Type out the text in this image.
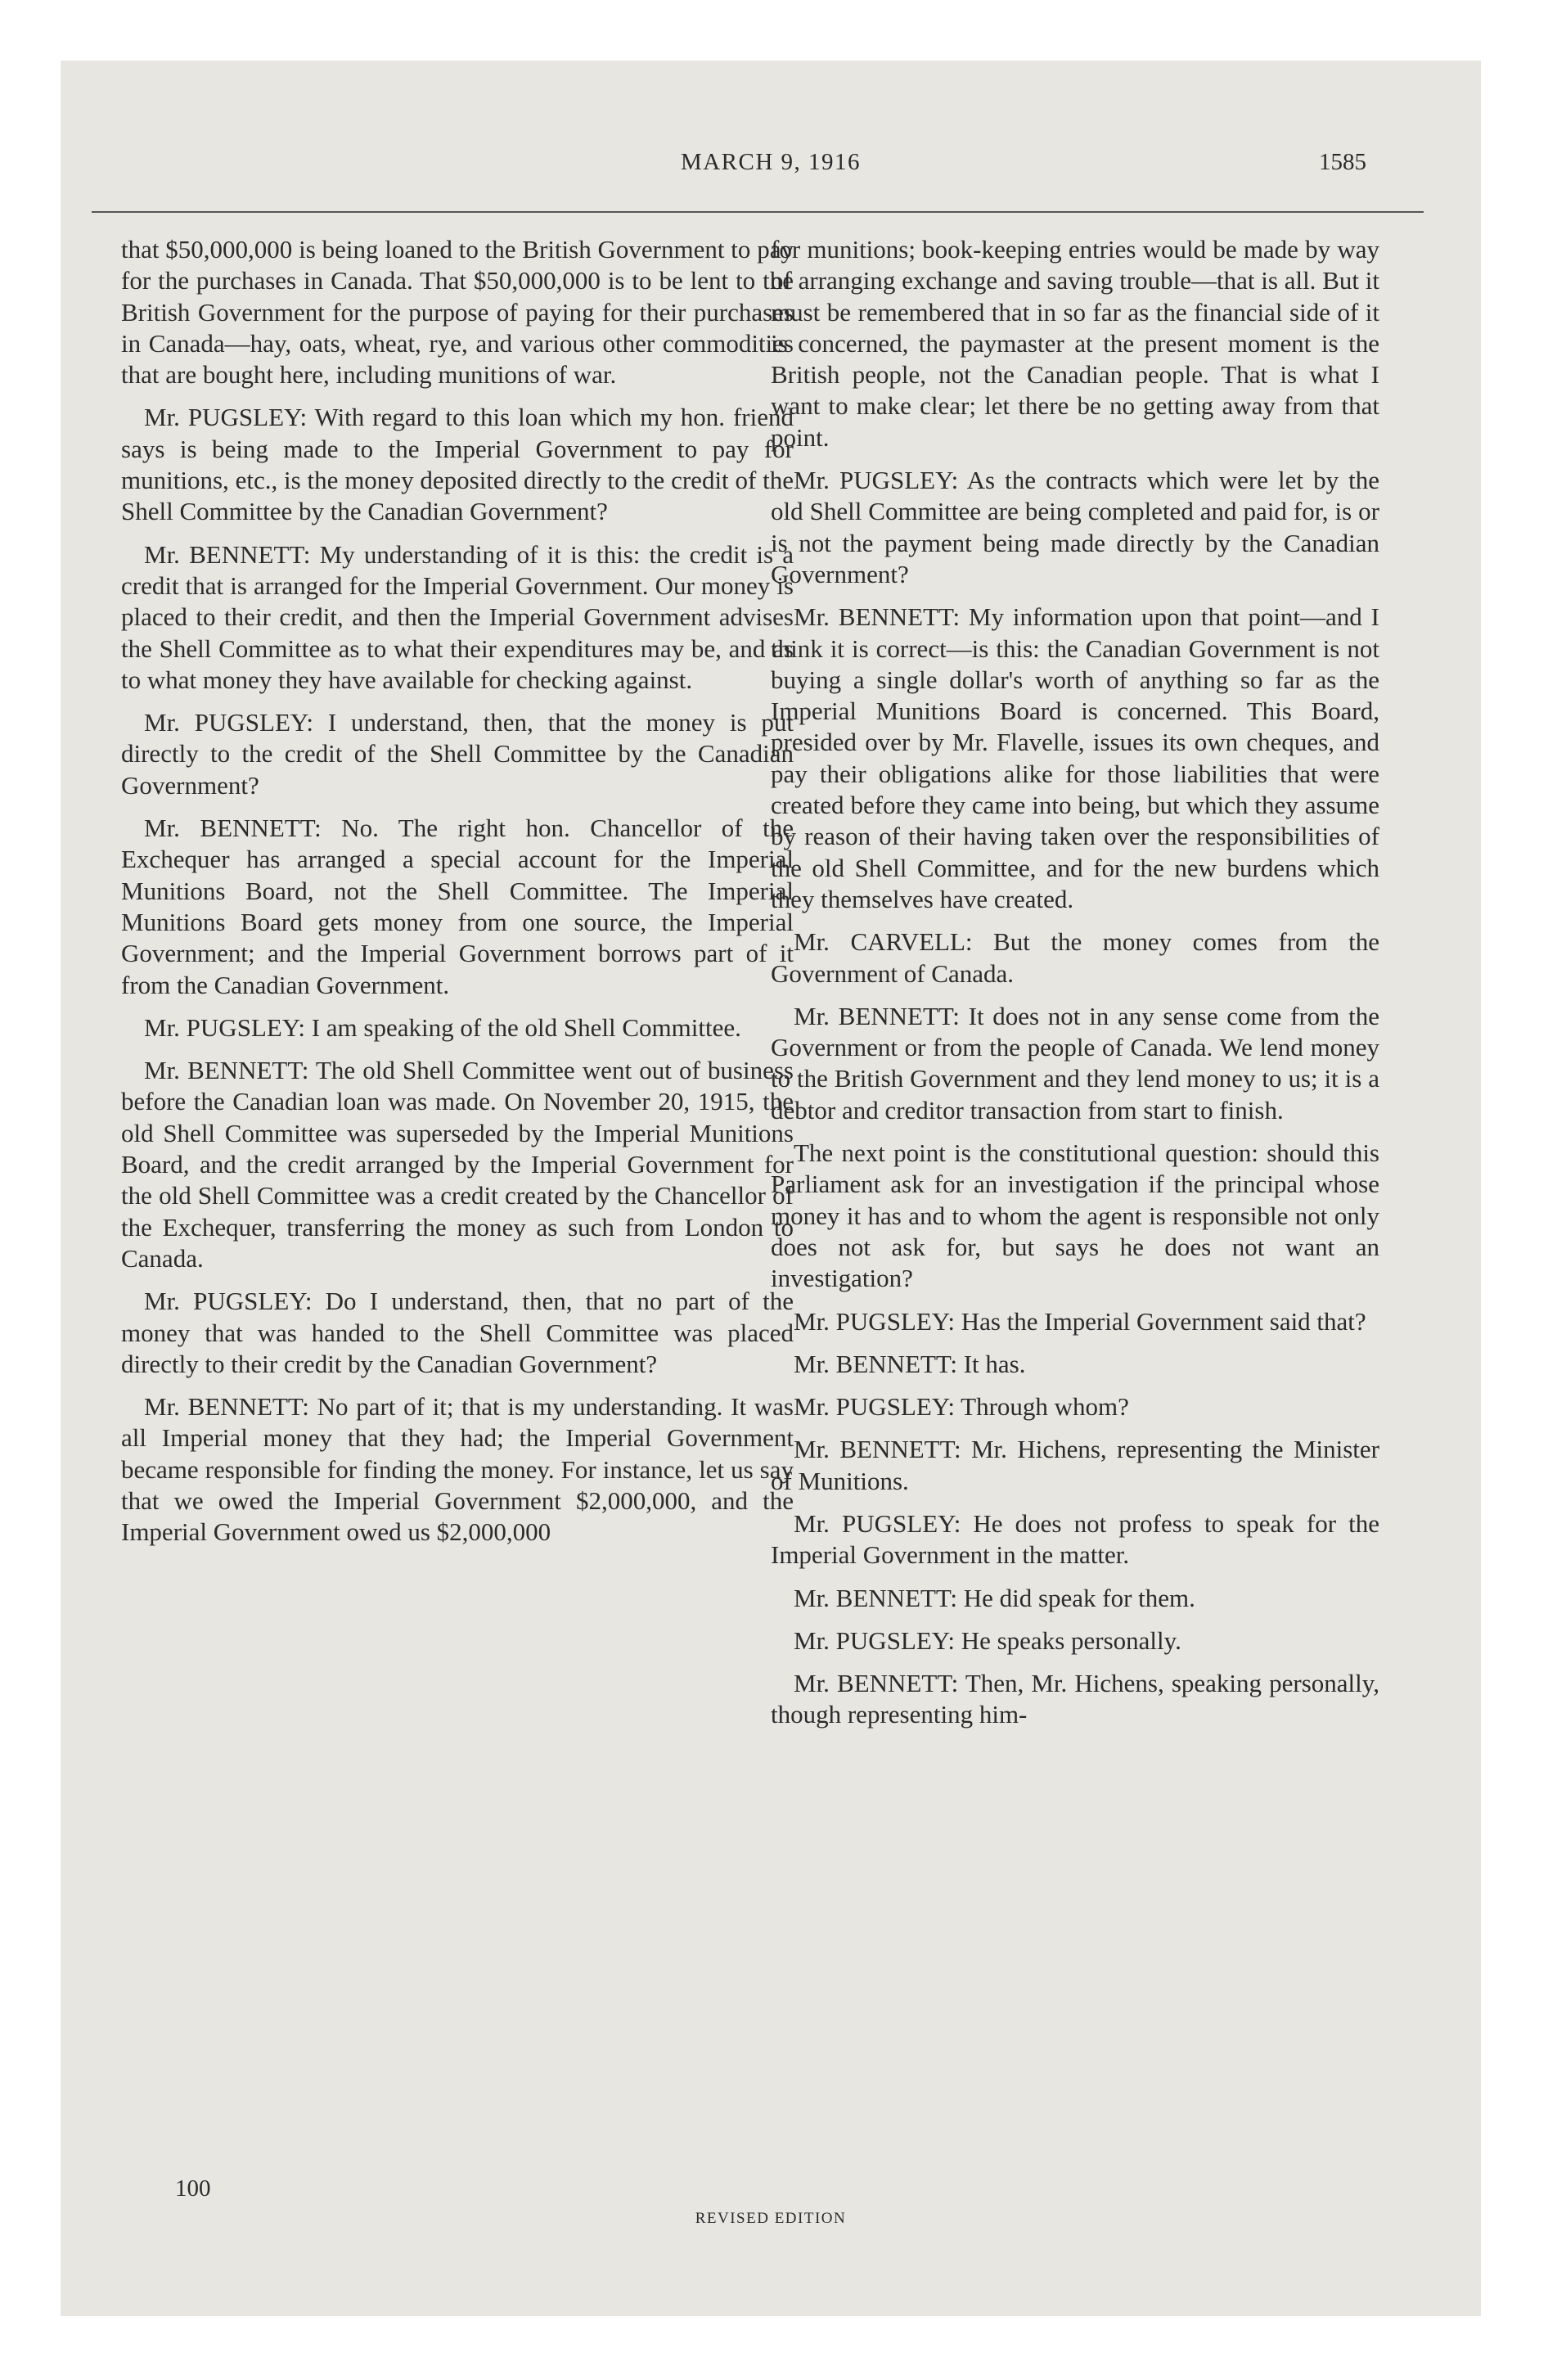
MARCH 9, 1916	1585

that $50,000,000 is being loaned to the British Government to pay for the purchases in Canada. That $50,000,000 is to be lent to the British Government for the purpose of paying for their purchases in Canada—hay, oats, wheat, rye, and various other commodities that are bought here, including munitions of war.

Mr. PUGSLEY: With regard to this loan which my hon. friend says is being made to the Imperial Government to pay for munitions, etc., is the money deposited directly to the credit of the Shell Committee by the Canadian Government?

Mr. BENNETT: My understanding of it is this: the credit is a credit that is arranged for the Imperial Government. Our money is placed to their credit, and then the Imperial Government advises the Shell Committee as to what their expenditures may be, and as to what money they have available for checking against.

Mr. PUGSLEY: I understand, then, that the money is put directly to the credit of the Shell Committee by the Canadian Government?

Mr. BENNETT: No. The right hon. Chancellor of the Exchequer has arranged a special account for the Imperial Munitions Board, not the Shell Committee. The Imperial Munitions Board gets money from one source, the Imperial Government; and the Imperial Government borrows part of it from the Canadian Government.

Mr. PUGSLEY: I am speaking of the old Shell Committee.

Mr. BENNETT: The old Shell Committee went out of business before the Canadian loan was made. On November 20, 1915, the old Shell Committee was superseded by the Imperial Munitions Board, and the credit arranged by the Imperial Government for the old Shell Committee was a credit created by the Chancellor of the Exchequer, transferring the money as such from London to Canada.

Mr. PUGSLEY: Do I understand, then, that no part of the money that was handed to the Shell Committee was placed directly to their credit by the Canadian Government?

Mr. BENNETT: No part of it; that is my understanding. It was all Imperial money that they had; the Imperial Government became responsible for finding the money. For instance, let us say that we owed the Imperial Government $2,000,000, and the Imperial Government owed us $2,000,000

for munitions; book-keeping entries would be made by way of arranging exchange and saving trouble—that is all. But it must be remembered that in so far as the financial side of it is concerned, the paymaster at the present moment is the British people, not the Canadian people. That is what I want to make clear; let there be no getting away from that point.

Mr. PUGSLEY: As the contracts which were let by the old Shell Committee are being completed and paid for, is or is not the payment being made directly by the Canadian Government?

Mr. BENNETT: My information upon that point—and I think it is correct—is this: the Canadian Government is not buying a single dollar's worth of anything so far as the Imperial Munitions Board is concerned. This Board, presided over by Mr. Flavelle, issues its own cheques, and pay their obligations alike for those liabilities that were created before they came into being, but which they assume by reason of their having taken over the responsibilities of the old Shell Committee, and for the new burdens which they themselves have created.

Mr. CARVELL: But the money comes from the Government of Canada.

Mr. BENNETT: It does not in any sense come from the Government or from the people of Canada. We lend money to the British Government and they lend money to us; it is a debtor and creditor transaction from start to finish.

The next point is the constitutional question: should this Parliament ask for an investigation if the principal whose money it has and to whom the agent is responsible not only does not ask for, but says he does not want an investigation?

Mr. PUGSLEY: Has the Imperial Government said that?

Mr. BENNETT: It has.

Mr. PUGSLEY: Through whom?

Mr. BENNETT: Mr. Hichens, representing the Minister of Munitions.

Mr. PUGSLEY: He does not profess to speak for the Imperial Government in the matter.

Mr. BENNETT: He did speak for them.

Mr. PUGSLEY: He speaks personally.

Mr. BENNETT: Then, Mr. Hichens, speaking personally, though representing him-

100
REVISED EDITION
